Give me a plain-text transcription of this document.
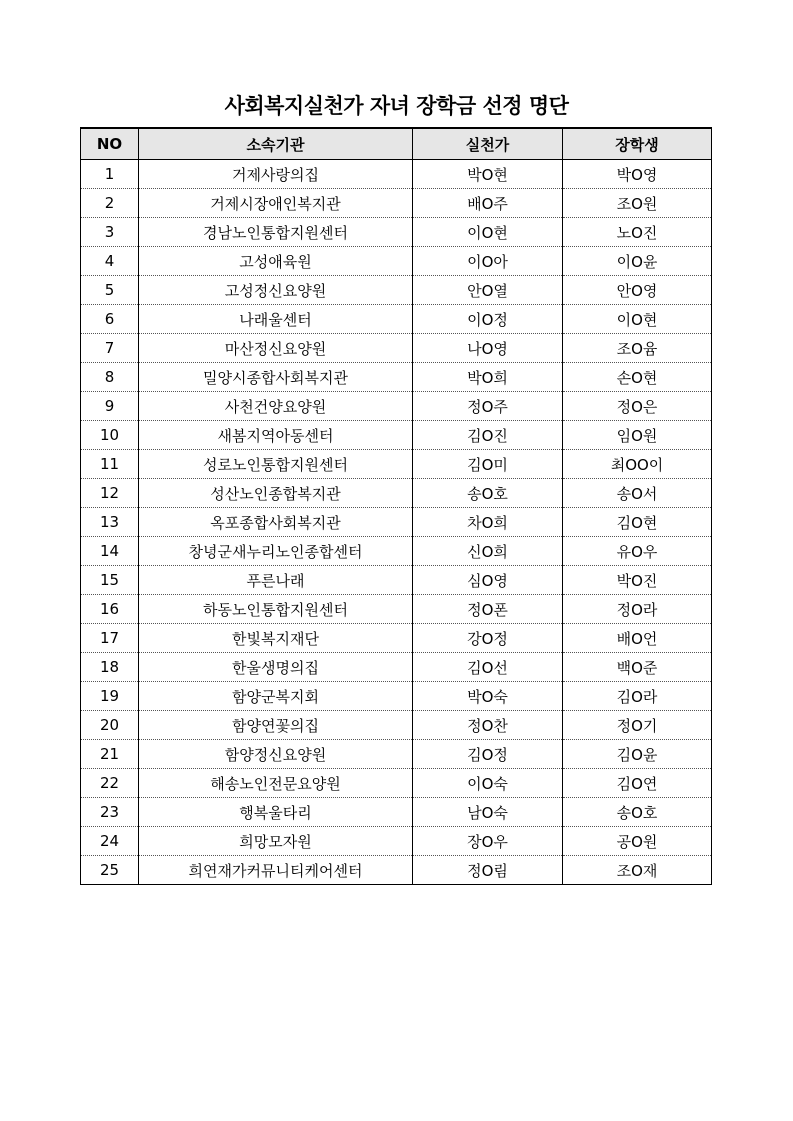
사회복지실천가 자녀 장학금 선정 명단
NO	소속기관	실천가	장학생
1	거제사랑의집	박O현	박O영
2	거제시장애인복지관	배O주	조O원
3	경남노인통합지원센터	이O현	노O진
4	고성애육원	이O아	이O윤
5	고성정신요양원	안O열	안O영
6	나래울센터	이O정	이O현
7	마산정신요양원	나O영	조O윰
8	밀양시종합사회복지관	박O희	손O현
9	사천건양요양원	정O주	정O은
10	새봄지역아동센터	김O진	임O원
11	성로노인통합지원센터	김O미	최OO이
12	성산노인종합복지관	송O호	송O서
13	옥포종합사회복지관	차O희	김O현
14	창녕군새누리노인종합센터	신O희	유O우
15	푸른나래	심O영	박O진
16	하동노인통합지원센터	정O폰	정O라
17	한빛복지재단	강O정	배O언
18	한울생명의집	김O선	백O준
19	함양군복지회	박O숙	김O라
20	함양연꽃의집	정O찬	정O기
21	함양정신요양원	김O정	김O윤
22	해송노인전문요양원	이O숙	김O연
23	행복울타리	남O숙	송O호
24	희망모자원	장O우	공O원
25	희연재가커뮤니티케어센터	정O림	조O재
